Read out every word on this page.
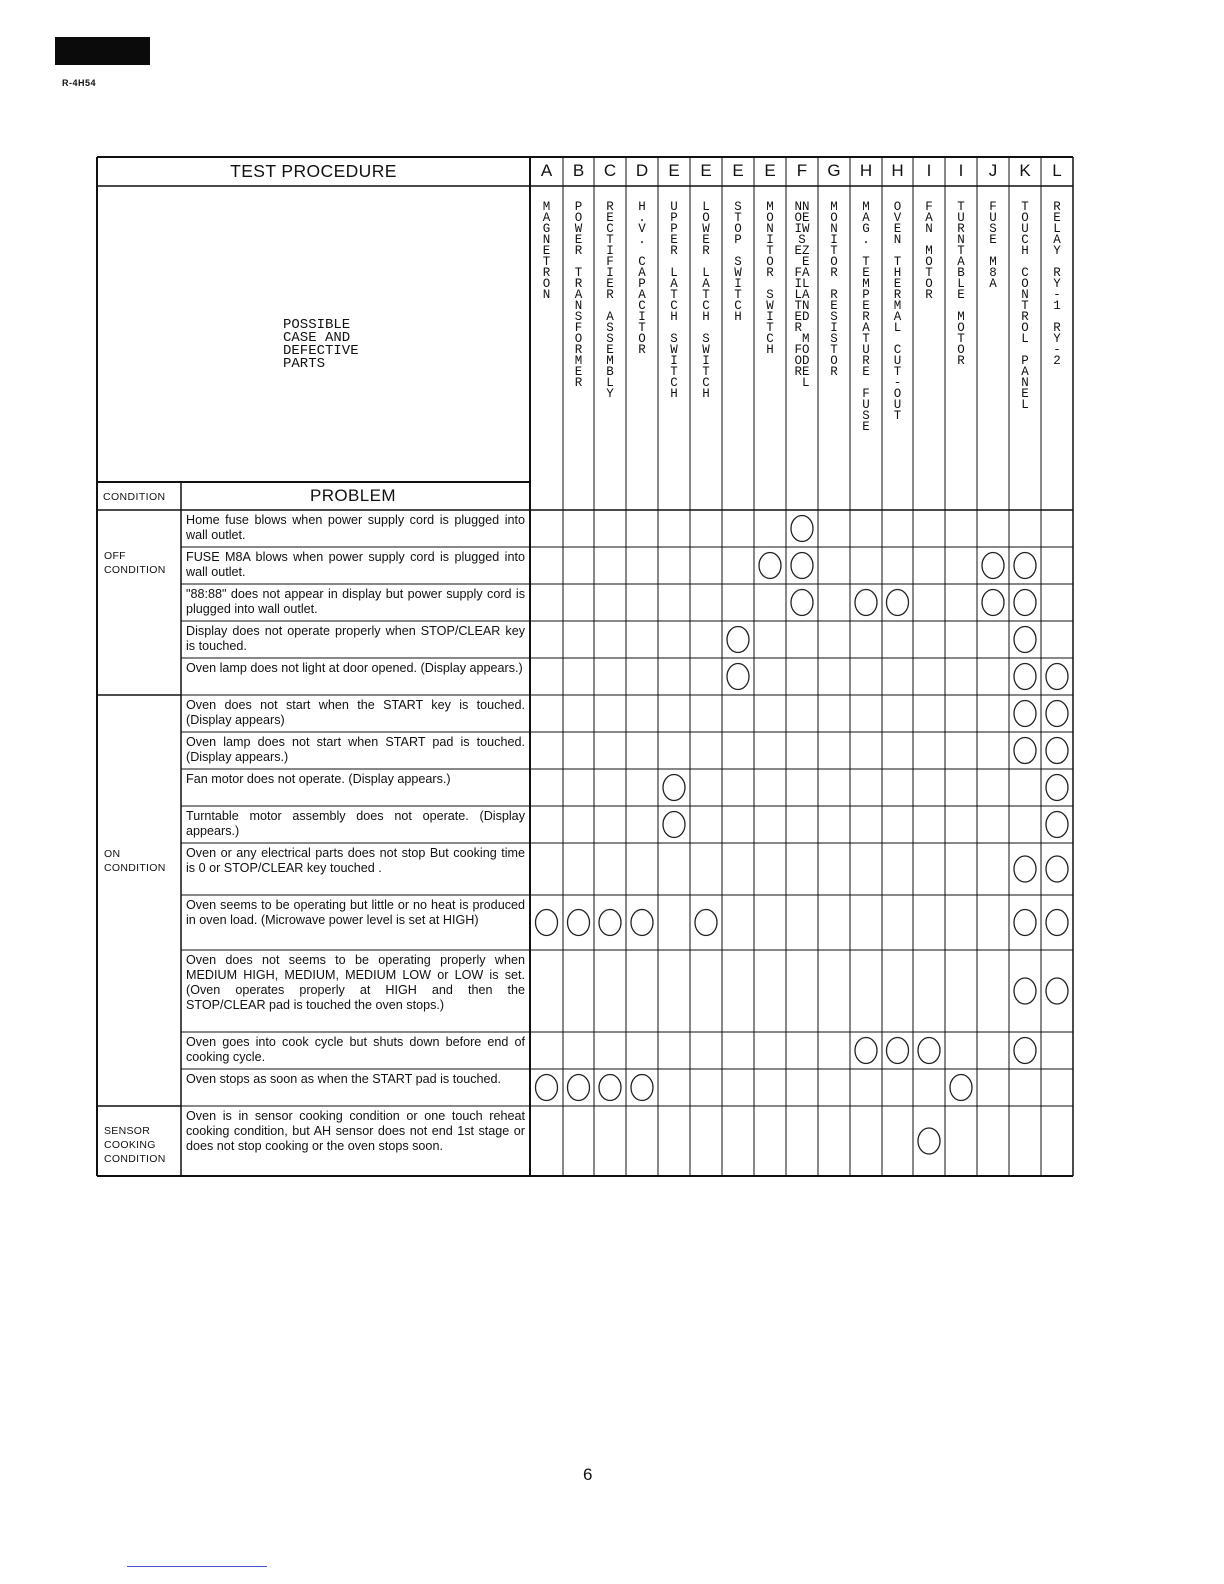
R-4H54
TEST PROCEDURE
POSSIBLE
CASE AND
DEFECTIVE
PARTS
CONDITION	PROBLEM
A
M
A
G
N
E
T
R
O
N
B
P
O
W
E
R

T
R
A
N
S
F
O
R
M
E
R
C
R
E
C
T
I
F
I
E
R

A
S
S
E
M
B
L
Y
D
H
.
V
.

C
A
P
A
C
I
T
O
R
E
U
P
P
E
R

L
A
T
C
H

S
W
I
T
C
H
E
L
O
W
E
R

L
A
T
C
H

S
W
I
T
C
H
E
S
T
O
P

S
W
I
T
C
H
E
M
O
N
I
T
O
R

S
W
I
T
C
H
F
NN
OE
IW
S
EZ
E
FA
IL
LA
TN
ED
R
M
FO
OD
RE
L
G
M
O
N
I
T
O
R

R
E
S
I
S
T
O
R
H
M
A
G
.

T
E
M
P
E
R
A
T
U
R
E

F
U
S
E
H
O
V
E
N

T
H
E
R
M
A
L

C
U
T
-
O
U
T
I
F
A
N

M
O
T
O
R
I
T
U
R
N
T
A
B
L
E

M
O
T
O
R
J
F
U
S
E

M
8
A
K
T
O
U
C
H

C
O
N
T
R
O
L

P
A
N
E
L
L
R
E
L
A
Y

R
Y
-
1

R
Y
-
2
OFF
CONDITION
ON
CONDITION
SENSOR
COOKING
CONDITION
Home fuse blows when power supply cord is plugged into wall outlet.
FUSE M8A blows when power supply cord is plugged into wall outlet.
"88:88" does not appear in display but power supply cord is plugged into wall outlet.
Display does not operate properly when STOP/CLEAR key is touched.
Oven lamp does not light at door opened. (Display appears.)
Oven does not start when the START key is touched. (Display appears)
Oven lamp does not start when START pad is touched. (Display appears.)
Fan motor does not operate. (Display appears.)
Turntable motor assembly does not operate. (Display appears.)
Oven or any electrical parts does not stop But cooking time is 0 or STOP/CLEAR key touched .
Oven seems to be operating but little or no heat is produced in oven load. (Microwave power level is set at HIGH)
Oven does not seems to be operating properly when MEDIUM HIGH, MEDIUM, MEDIUM LOW or LOW is set. (Oven operates properly at HIGH and then the STOP/CLEAR pad is touched the oven stops.)
Oven goes into cook cycle but shuts down before end of cooking cycle.
Oven stops as soon as when the START pad is touched.
Oven is in sensor cooking condition or one touch reheat cooking condition, but AH sensor does not end 1st stage or does not stop cooking or the oven stops soon.
6
